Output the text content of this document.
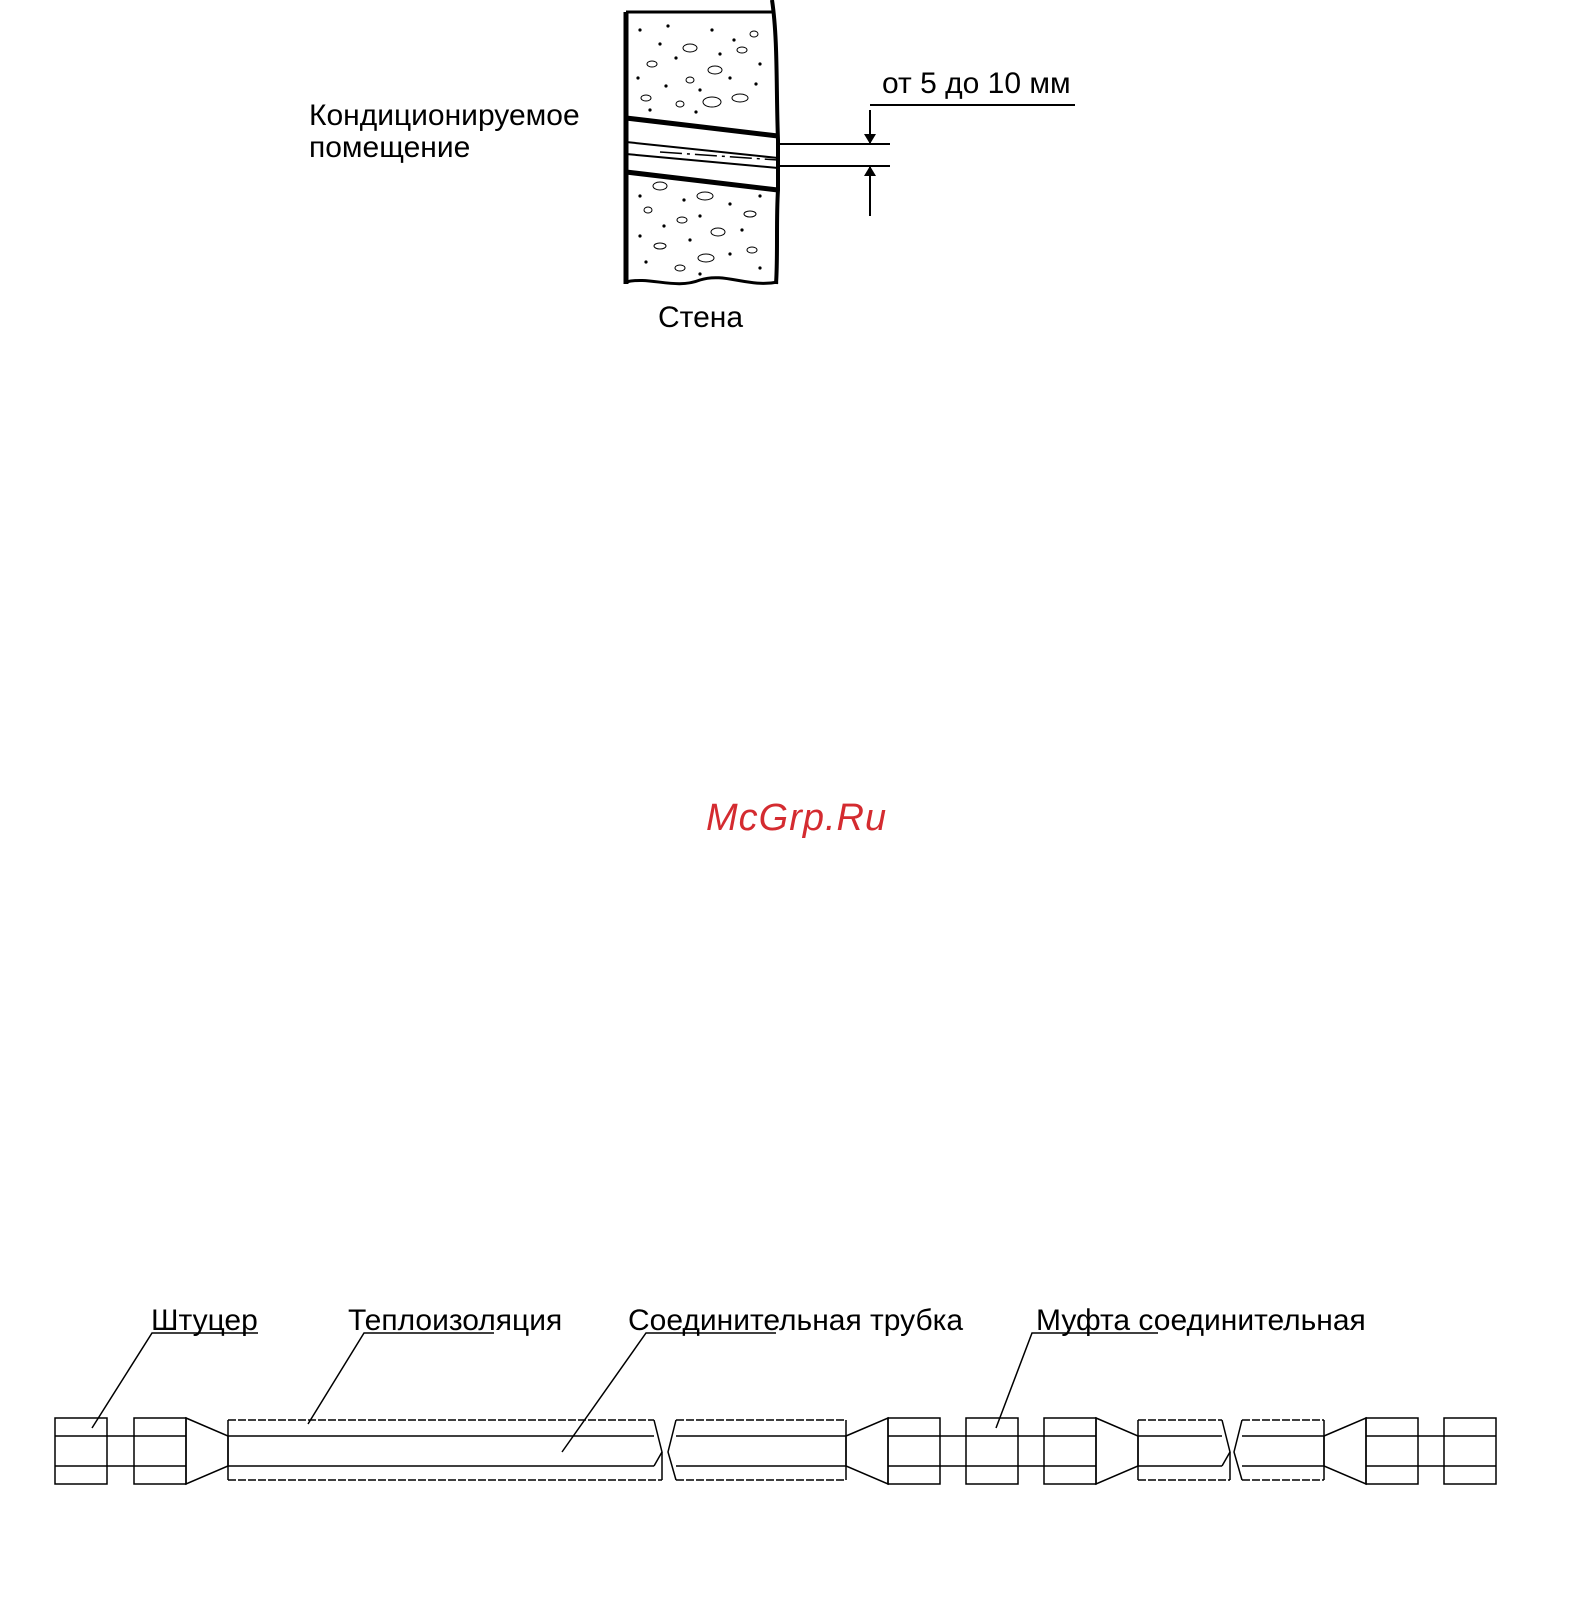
Кондиционируемое
помещение
Стена
от 5 до 10 мм
McGrp.Ru
Штуцер	Теплоизоляция Соединительная трубка Муфта соединительная
